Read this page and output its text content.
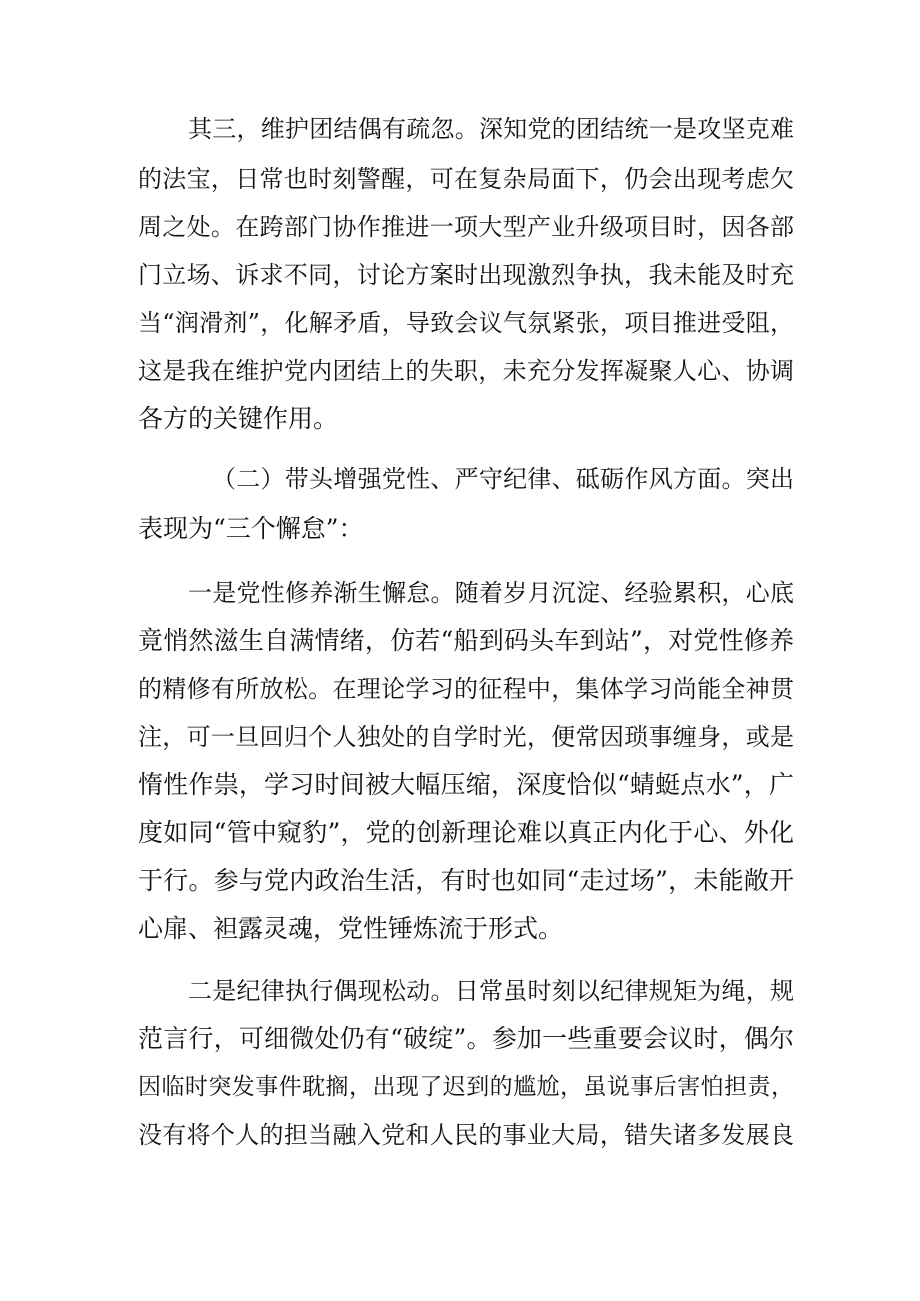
其三，维护团结偶有疏忽。深知党的团结统一是攻坚克难
的法宝，日常也时刻警醒，可在复杂局面下，仍会出现考虑欠
周之处。在跨部门协作推进一项大型产业升级项目时，因各部
门立场、诉求不同，讨论方案时出现激烈争执，我未能及时充
当“润滑剂”，化解矛盾，导致会议气氛紧张，项目推进受阻，
这是我在维护党内团结上的失职，未充分发挥凝聚人心、协调
各方的关键作用。
（二）带头增强党性、严守纪律、砥砺作风方面。突出
表现为“三个懈怠”：
一是党性修养渐生懈怠。随着岁月沉淀、经验累积，心底
竟悄然滋生自满情绪，仿若“船到码头车到站”，对党性修养
的精修有所放松。在理论学习的征程中，集体学习尚能全神贯
注，可一旦回归个人独处的自学时光，便常因琐事缠身，或是
惰性作祟，学习时间被大幅压缩，深度恰似“蜻蜓点水”，广
度如同“管中窥豹”，党的创新理论难以真正内化于心、外化
于行。参与党内政治生活，有时也如同“走过场”，未能敞开
心扉、袒露灵魂，党性锤炼流于形式。
二是纪律执行偶现松动。日常虽时刻以纪律规矩为绳，规
范言行，可细微处仍有“破绽”。参加一些重要会议时，偶尔
因临时突发事件耽搁，出现了迟到的尴尬，虽说事后害怕担责，
没有将个人的担当融入党和人民的事业大局，错失诸多发展良
